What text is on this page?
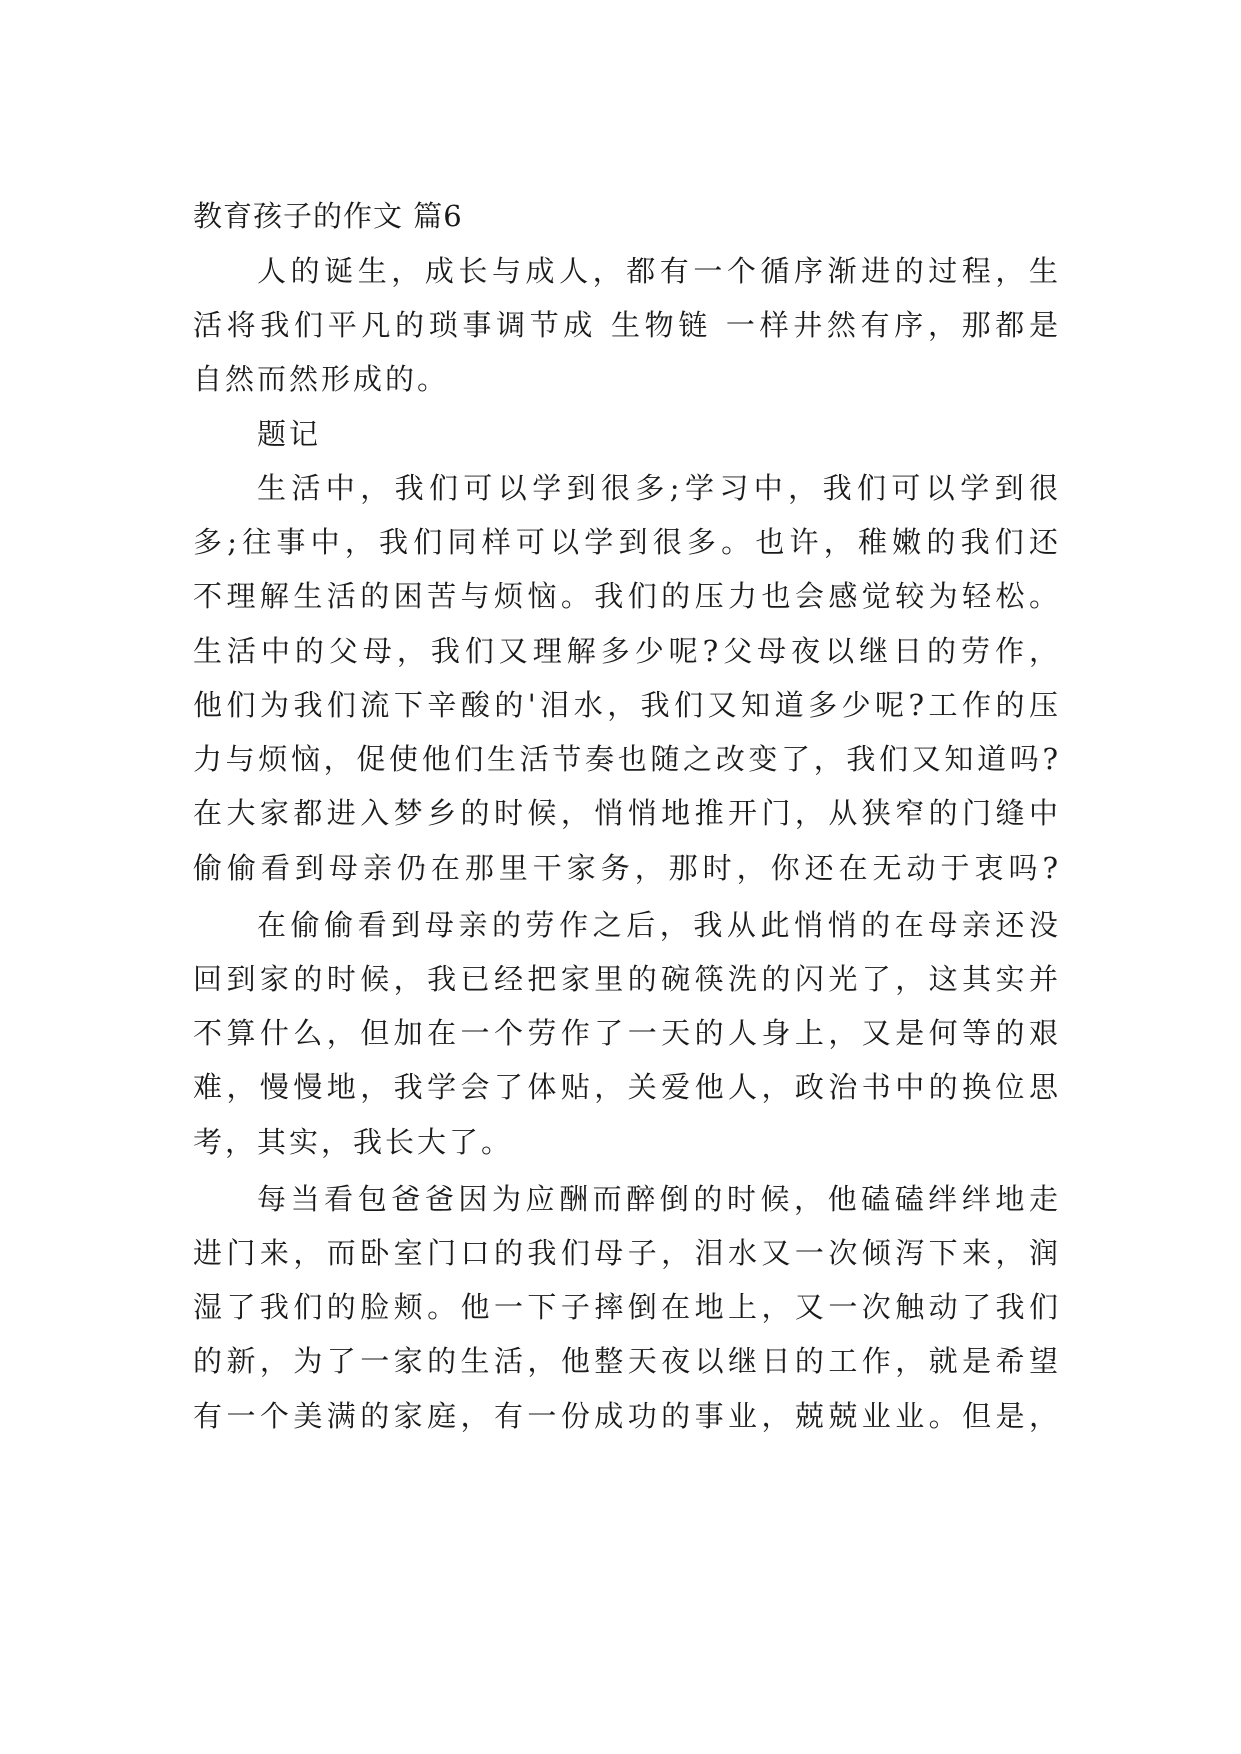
教育孩子的作文 篇6
人的诞生，成长与成人，都有一个循序渐进的过程，生
活将我们平凡的琐事调节成 生物链 一样井然有序，那都是
自然而然形成的。
题记
生活中，我们可以学到很多;学习中，我们可以学到很
多;往事中，我们同样可以学到很多。也许，稚嫩的我们还
不理解生活的困苦与烦恼。我们的压力也会感觉较为轻松。
生活中的父母，我们又理解多少呢?父母夜以继日的劳作，
他们为我们流下辛酸的'泪水，我们又知道多少呢?工作的压
力与烦恼，促使他们生活节奏也随之改变了，我们又知道吗?
在大家都进入梦乡的时候，悄悄地推开门，从狭窄的门缝中
偷偷看到母亲仍在那里干家务，那时，你还在无动于衷吗?
在偷偷看到母亲的劳作之后，我从此悄悄的在母亲还没
回到家的时候，我已经把家里的碗筷洗的闪光了，这其实并
不算什么，但加在一个劳作了一天的人身上，又是何等的艰
难，慢慢地，我学会了体贴，关爱他人，政治书中的换位思
考，其实，我长大了。
每当看包爸爸因为应酬而醉倒的时候，他磕磕绊绊地走
进门来，而卧室门口的我们母子，泪水又一次倾泻下来，润
湿了我们的脸颊。他一下子摔倒在地上，又一次触动了我们
的新，为了一家的生活，他整天夜以继日的工作，就是希望
有一个美满的家庭，有一份成功的事业，兢兢业业。但是，
